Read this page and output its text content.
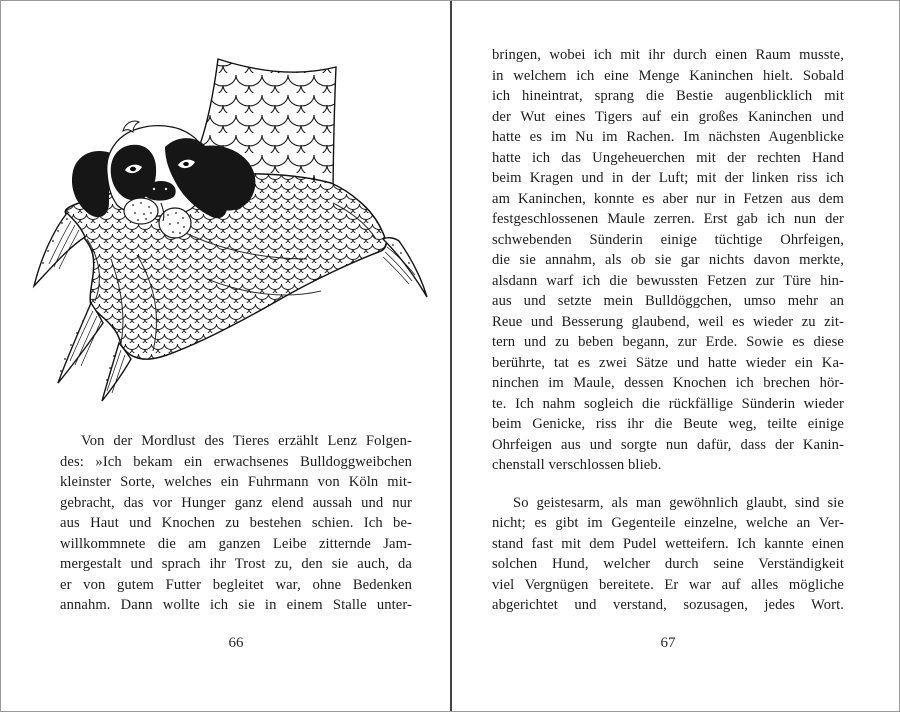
Von der Mordlust des Tieres erzählt Lenz Folgen-
des: »Ich bekam ein erwachsenes Bulldoggweibchen
kleinster Sorte, welches ein Fuhrmann von Köln mit-
gebracht, das vor Hunger ganz elend aussah und nur
aus Haut und Knochen zu bestehen schien. Ich be-
willkommnete die am ganzen Leibe zitternde Jam-
mergestalt und sprach ihr Trost zu, den sie auch, da
er von gutem Futter begleitet war, ohne Bedenken
annahm. Dann wollte ich sie in einem Stalle unter-
66
bringen, wobei ich mit ihr durch einen Raum musste,
in welchem ich eine Menge Kaninchen hielt. Sobald
ich hineintrat, sprang die Bestie augenblicklich mit
der Wut eines Tigers auf ein großes Kaninchen und
hatte es im Nu im Rachen. Im nächsten Augenblicke
hatte ich das Ungeheuerchen mit der rechten Hand
beim Kragen und in der Luft; mit der linken riss ich
am Kaninchen, konnte es aber nur in Fetzen aus dem
festgeschlossenen Maule zerren. Erst gab ich nun der
schwebenden Sünderin einige tüchtige Ohrfeigen,
die sie annahm, als ob sie gar nichts davon merkte,
alsdann warf ich die bewussten Fetzen zur Türe hin-
aus und setzte mein Bulldöggchen, umso mehr an
Reue und Besserung glaubend, weil es wieder zu zit-
tern und zu beben begann, zur Erde. Sowie es diese
berührte, tat es zwei Sätze und hatte wieder ein Ka-
ninchen im Maule, dessen Knochen ich brechen hör-
te. Ich nahm sogleich die rückfällige Sünderin wieder
beim Genicke, riss ihr die Beute weg, teilte einige
Ohrfeigen aus und sorgte nun dafür, dass der Kanin-
chenstall verschlossen blieb.
So geistesarm, als man gewöhnlich glaubt, sind sie
nicht; es gibt im Gegenteile einzelne, welche an Ver-
stand fast mit dem Pudel wetteifern. Ich kannte einen
solchen Hund, welcher durch seine Verständigkeit
viel Vergnügen bereitete. Er war auf alles mögliche
abgerichtet und verstand, sozusagen, jedes Wort.
67
